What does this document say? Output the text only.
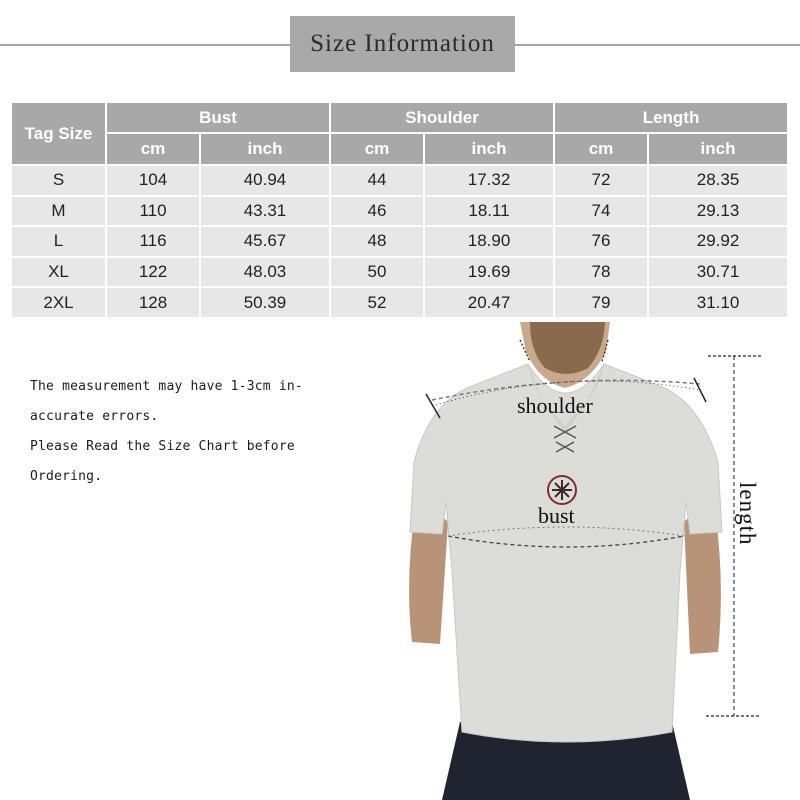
Size Information
Tag Size	Bust		Shoulder		Length	
	cm	inch	cm	inch	cm	inch
S	104	40.94	44	17.32	72	28.35
M	110	43.31	46	18.11	74	29.13
L	116	45.67	48	18.90	76	29.92
XL	122	48.03	50	19.69	78	30.71
2XL	128	50.39	52	20.47	79	31.10
The measurement may have 1-3cm in-
accurate errors.
Please Read the Size Chart before
Ordering.
shoulder
bust	length
